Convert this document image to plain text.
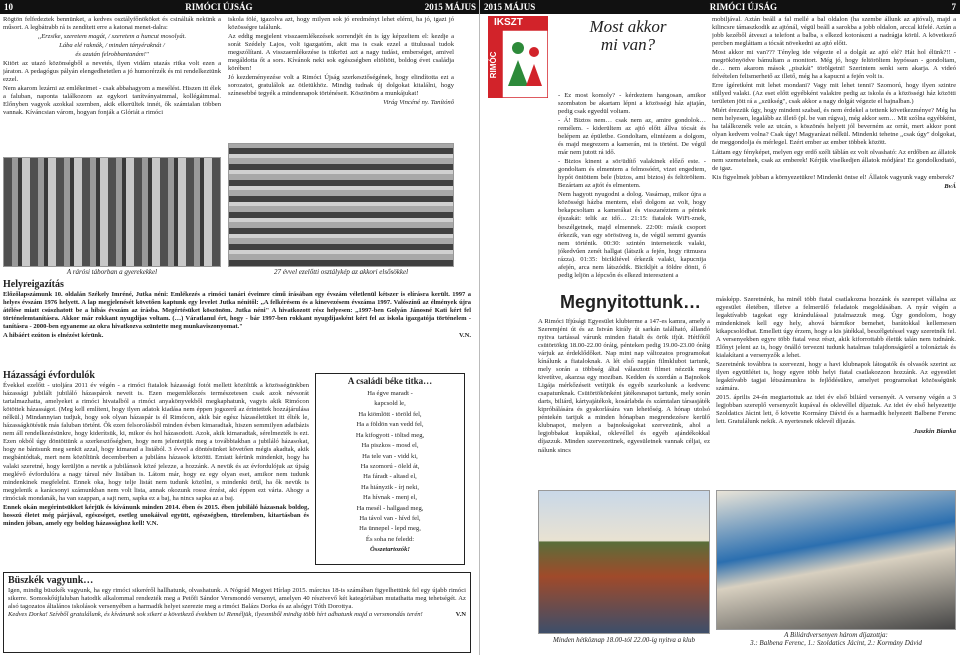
10	RIMÓCI ÚJSÁG	2015 MÁJUS

Rögtön felfedeztek bennünket, a kedves osztályfőnököket és csinálták nekünk a műsort. A legbátrabb rá is zendített erre a katonai menet-dalra:

,,Erzsike, szeretem magát, / szeretem a huncut mosolyát.

Lába elé raknák, / minden tányéraknát /

és azután felrobbantanám!"

Kitört az utazó közönségből a nevetés, ilyen vidám utazás ritka volt ezen a járaton. A pedagógus pályán elengedhetetlen a jó humorérzék és mi rendelkeztünk ezzel.

Nem akarom lezárni az emlékeimet - csak abbahagyom a mesélést. Hiszen itt élek a faluban, naponta találkozom az egykori tanítványaimmal, kollégáimmal. Előnyben vagyok azokkal szemben, akik elkerültek innét, ők számtalan többen vannak. Kíváncsian várom, hogyan fonják a Glóriát a rimóci

iskola fölé, igazolva azt, hogy milyen sok jó eredményt lehet elérni, ha jó, igazi jó közösségre találunk.

Az eddig megjelent visszaemlékezések sorrendjét én is így képzeltem el: kezdje a sorát Szédely Lajos, volt igazgatóm, akit ma is csak ezzel a titulussal tudok megszólítani. A visszaemlékezése is tükrözi azt a nagy tudást, emberséget, amivel megáldotta őt a sors. Kívánok neki sok egészségben eltöltött, boldog évet családja körében!

Jó kezdeményezése volt a Rimóci Újság szerkesztőségének, hogy elindította ezt a sorozatot, gratulálok az ötletükhöz. Mindig tudnak új dolgokat kitalálni, hogy színesebbé tegyék a mindennapok történéseit. Köszönöm a munkájukat!

Virág Vincéné ny. Tanítónő

A rárósi táborban a gyerekekkel	27 évvel ezelőtti osztálykép az akkori elsősökkel
Helyreigazítás

Előzőlapszámunk 10. oldalán Székely Imréné, Jutka néni: Emlékezés a rimóci tanári éveimre című írásában egy évszám véletlenül kétszer is elírásra került. 1997 a helyes évszám 1976 helyett. A lap megjelenését követően kaptunk egy levelet Jutka nénitől: ,,A felkérésem és a kinevezésem évszáma 1997. Valószínű az élmények újra átélése miatt csúszhatott be a hibás évszám az írásba. Megértésüket köszönöm. Jutka néni" A hivatkozott rész helyesen: ,,1997-ben Golyán Jánosné Kati kért fel történelemtanításra. Akkor már rokkant nyugdíjas voltam. (…) Váratlanul ért, hogy - bár 1997-ben rokkant nyugdíjasként kért fel az iskola igazgatója történelem - tanításra - 2000-ben egyaneme az okra hivatkozva szüntette meg munkaviszonyomat."

A hibáért ezúton is elnézést kérünk.	V.N.

Házassági évfordulók

Évekkel ezelőtt - utoljára 2011 év végén - a rimóci fiatalok házassági fotói mellett közöltük a közösségünkben házassági jubilált jubiláló házaspárok neveit is. Ezen megemlékezés természetesen csak azok névsorát tartalmazhatta, amelyeket a rimóci hivatalból a rimóci anyakönyvekből megkaphatunk, vagyis akik Rimócon kötöttek házasságot. (Meg kell említeni, hogy ilyen adatok kiadása nem éppen jogszerű az érintettek hozzájárulása nélkül.) Mindannyian tudjuk, hogy sok olyan házaspár is él Rimócon, akik bár egész házaséletüket itt élték le, házasságkötésük más faluban történt. Ők ezen felsorolásból minden évben kimaradtak, hiszen semmilyen adatbázis nem áll rendelkezésünkre, hogy kiderítsük, ki, mikor és hol házasodott. Azok, akik kimaradtak, sérelmezték is ezt. Ezen okból úgy döntöttünk a szerkesztőségben, hogy nem jelentetjük meg a továbbiakban a jubiláló házasokat, hogy ne bántsunk meg senkit azzal, hogy kimarad a listából. 3 évvel a döntésünket követően mégis akadtak, akik megbántódtak, mert nem közöltünk decemberben a jubiláns házasok közötti. Emiatt kérünk mindenkit, hogy ha valaki szeretné, hogy kerüljön a nevük a jubilánsok közé jelezze, a hozzánk. A nevük és az évfordulójuk az újság meglévő évfordulóra a nagy társul név listában is. Látom már, hogy ez egy olyan eset, amikor nem tudunk mindenkinek megfelelni. Ennek oka, hogy telje listát nem tudunk közölni, s mindenki örül, ha ők nevük is megjelenik a karácsonyi számunkban nem volt lista, annak okozunk rossz érzést, aki éppen ezt várta. Ahogy a rimóciak mondanák, ha van szappan, a sajt nem, sapka ez a baj, ha nincs sapka az a baj.

Ennek okán megérintsükket kérjük és kívánunk minden 2014. ében és 2015. ében jubiláló házasnak boldog, hosszú életet még párjával, egészséget, esetleg unokáival együtt, egészségben, türelemben, kitartásban és minden jóban, amely egy boldog házassághoz kell! V.N.

A családi béke titka…

Ha égve maradt -

kapcsold le,

Ha kiömlött - töröld fel,

Ha a földön van vedd fel,

Ha kifogyott - töltsd meg,

Ha piszkos - mosd el,

Ha tele van - vidd ki,

Ha szomorú - öleld át,

Ha fáradt - altasd el,

Ha hiányzik - írj neki,

Ha hívnak - menj el,

Ha mesél - hallgasd meg,

Ha távol van - hívd fel,

Ha ünnepel - lepd meg,

És soha ne feledd:

Összetartozók!

Büszkék vagyunk…

Igen, mindig büszkék vagyunk, ha egy rimóci sikeréről hallhatunk, olvashatunk. A Nógrád Megyei Hírlap 2015. március 18-is számában figyelhettünk fel egy újabb rimóci sikerre. Somoskőújfaluban hatodik alkalommal rendezték meg a Petőfi Sándor Versmondó versenyt, amelyen 40 résztvevő két kategóriában mutathatta meg tehetségét. Az alsó tagozatos általános iskolások versenyében a harmadik helyet szerezte meg a rimóci Balázs Dorka és az alsógyi Tóth Dorottya.

Kedves Dorka! Szívből gratulálunk, és kívánunk sok sikert a következő években is! Reméljük, ilyesmiből mindig több hírt adhatunk majd a versmondás terén!	V.N

2015 MÁJUS	RIMÓCI ÚJSÁG	7
IKSZT
RIMÓC
Most akkor
mi van?

- Ez most komoly? - kérdeztem hangosan, amikor szombaton be akartam lépni a közösségi ház ajtaján, pedig csak egyedül voltam.

- Á! Biztos nem… csak nem az, amire gondolok… remélem. - kiderültem az ajtó előtt állva tócsát és belépem az épületbe. Gondoltam, elintézem a dolgom, és majd megrezem a kamerán, mi is történt. De végül már nem jutott rá idő.

- Biztos kinent a sör/üdítő valakinek előző este. - gondoltam és elmentem a felmosóért, vizet engedtem, hypót öntöttem bele (biztos, ami biztos) és feltöröltem. Bezártam az ajtót és elmentem.

Nem hagyott nyugodni a dolog. Vasárnap, mikor újra a közösségi házba mentem, első dolgom az volt, hogy bekapcsoltam a kamerákat és visszanéztem a péntek éjszakát: telik az idő… 21:15: fiatalok WiFi-znek, beszélgetnek, majd elmennek. 22:00: másik csoport érkezik, van egy sörösüveg is, de végül semmi gyanús nem történik. 00:30: szintén internetezik valaki, jókedvűen zenét hallgat (látszik a fején, hogy ritmusra rázza). 01:35: bicikliével érkezik valaki, kapucnija afején, arca nem látszódik. Bicikljét a földre dönti, ő pedig leljön a lépcsőn és elkezd intereszteni a

mobiljával. Aztán beáll a fal mellé a bal oldalon (ha szembe állunk az ajtóval), majd a kilincsre támaszkodik az ajtónál, végül beáll a sarokba a jobb oldalon, arccal kifelé. Aztán a jobb kezéből átveszi a telefont a balba, s elkezd kotorászni a nadrágja körül. A következő percben megláttam a tócsát növekedni az ajtó előtt.

Most akkor mi van??? Tényleg ide végezte el a dolgát az ajtó elé? Hát hol élünk?!! - megrökönyödve bámultam a monitort. Még jó, hogy feltöröltem hypóssan - gondoltam, de… nem akarom mások ,,piszkát" törölgetni! Szerintem senki sem akarja. A videó felvételen felismerhető az illető, még ha a kapucni a fején volt is.

Erre ígéretként mit lehet mondani? Vagy mit lehet tenni? Szomorú, hogy ilyen szintre süllyed valaki. (Az eset előtt egyébként valakire pedig az iskola és a közösségi ház közötti területen jött rá a ,,szükség", csak akkor a nagy dolgát végezte el hajnalban.)

Miért érezzük úgy, hogy mindent szabad, és nem érdekel a tettenk következménye? Még ha nem helyesen, legalább az illető (pl. be van rúgva), még akkor sem… Mit szólna egyébként, ha találkoznék vele az utcán, s köszönés helyett jól beverném az orrát, mert akkor pont olyan kedvem volna? Csak úgy! Magyarázat nélkül. Mindenki tehetne ,,csak úgy" dolgokat, de meggondolja és mérlegel. Ezért ember az ember többek között.

Láttam egy fényképet, melyen egy erdő széli táblán ez volt olvasható: Az erdőben az állatok nem szemetelnek, csak az emberek! Kérjük viselkedjen állatok módjára! Ez gondolkodtató, de igaz.

Kis figyelmek jobban a környezetükre! Mindenki öntse el! Állatok vagyunk vagy emberek?

BvÁ

Megnyitottunk…

A Rimóci Ifjúsági Egyesület klubterme a 147-es kamra, amely a Szeremjéni út és az István király út sarkán található, állandó nyitva tartással várunk minden fiatalt és örök ifjút. Hétfőtől csütörtökig 18.00-22.00 óráig, pénteken pedig 19.00-23.00 óráig várjuk az érdeklődőket. Nap mint nap változatos programokat kínálunk a fiataloknak. A lét első napján filmklubot tartunk, mely során a többség által választott filmet nézzük meg kivetítve, akarzsa egy moziban. Kedden és szerdán a Bajnokok Ligája mérkőzéseit vetítjük és egyéb szurkolunk a kedvenc csapatunknak. Csütörtökönként játékesnapot tartunk, mely során darts, biliárd, kártyajátékok, kosárlabda és számtalan társasjáték kipróbálására és gyakorlására van lehetőség. A hónap utolsó péntekén tartjuk a minden hónapban megrendezésre kerülő klubnapot, melyen a bajnokságokat szervezünk, ahol a legjobbakat kupákkal, oklevéllel és egyéb ajándékokkal díjazzuk. Minden szervezettnek, egyesületnek vannak céljai, ez nálunk sincs

másképp. Szeretnénk, ha minél több fiatal csatlakozna hozzánk és szerepet vállalna az egyesület életében, illetve a felmerülő feladatok megoldásában. A nyár végén a legaktívabb tagokat egy kirándulással jutalmazzuk meg. Úgy gondolom, hogy mindenkinek kell egy hely, ahová bármikor bemehet, barátokkal kellemesen kikapcsolódhat. Emellett úgy érzem, hogy a kis játékkal, beszélgetéssel vagy szeretnék fel. A versenyekben egyre több fiatal vesz részt, akik kiforrottabb életük talán nem tudnánk. Előnyt jelent az is, hogy önálló tervezni tudunk hatalmas tulajdonságáról a tolonáztak és kialakítani a versenyzők a lehet.

Szeretnénk továbbra is szervezni, hogy a havi klubnapok látogatók és olvasók szerint az ilyen együttlétet is, hogy egyre több helyi fiatal csatlakozzon hozzánk. Az egyesület legaktívabb tagjai létszámunkra is fejlődésükre, amelyet programokat közösségünk számára.

2015. április 24-én megtartottuk az idei év első biliárd versenyét. A verseny végén a 3 legjobban szereplő versenyzőt kupával és oklevéllel díjaztuk. Az idei év első helyezettje Szoldatics Jácint lett, ő követte Kormány Dávid és a harmadik helyezett Balbene Ferenc lett. Gratulálunk nekik. A nyertesnek oklevél díjazás.

Juszkin Bianka

Minden hétköznap 18.00-tól 22.00-ig nyitva a klub
A Biliárdversenyen három díjazottja:
3.: Balbena Ferenc, 1.: Szoldatics Jácint, 2.: Kormány Dávid
